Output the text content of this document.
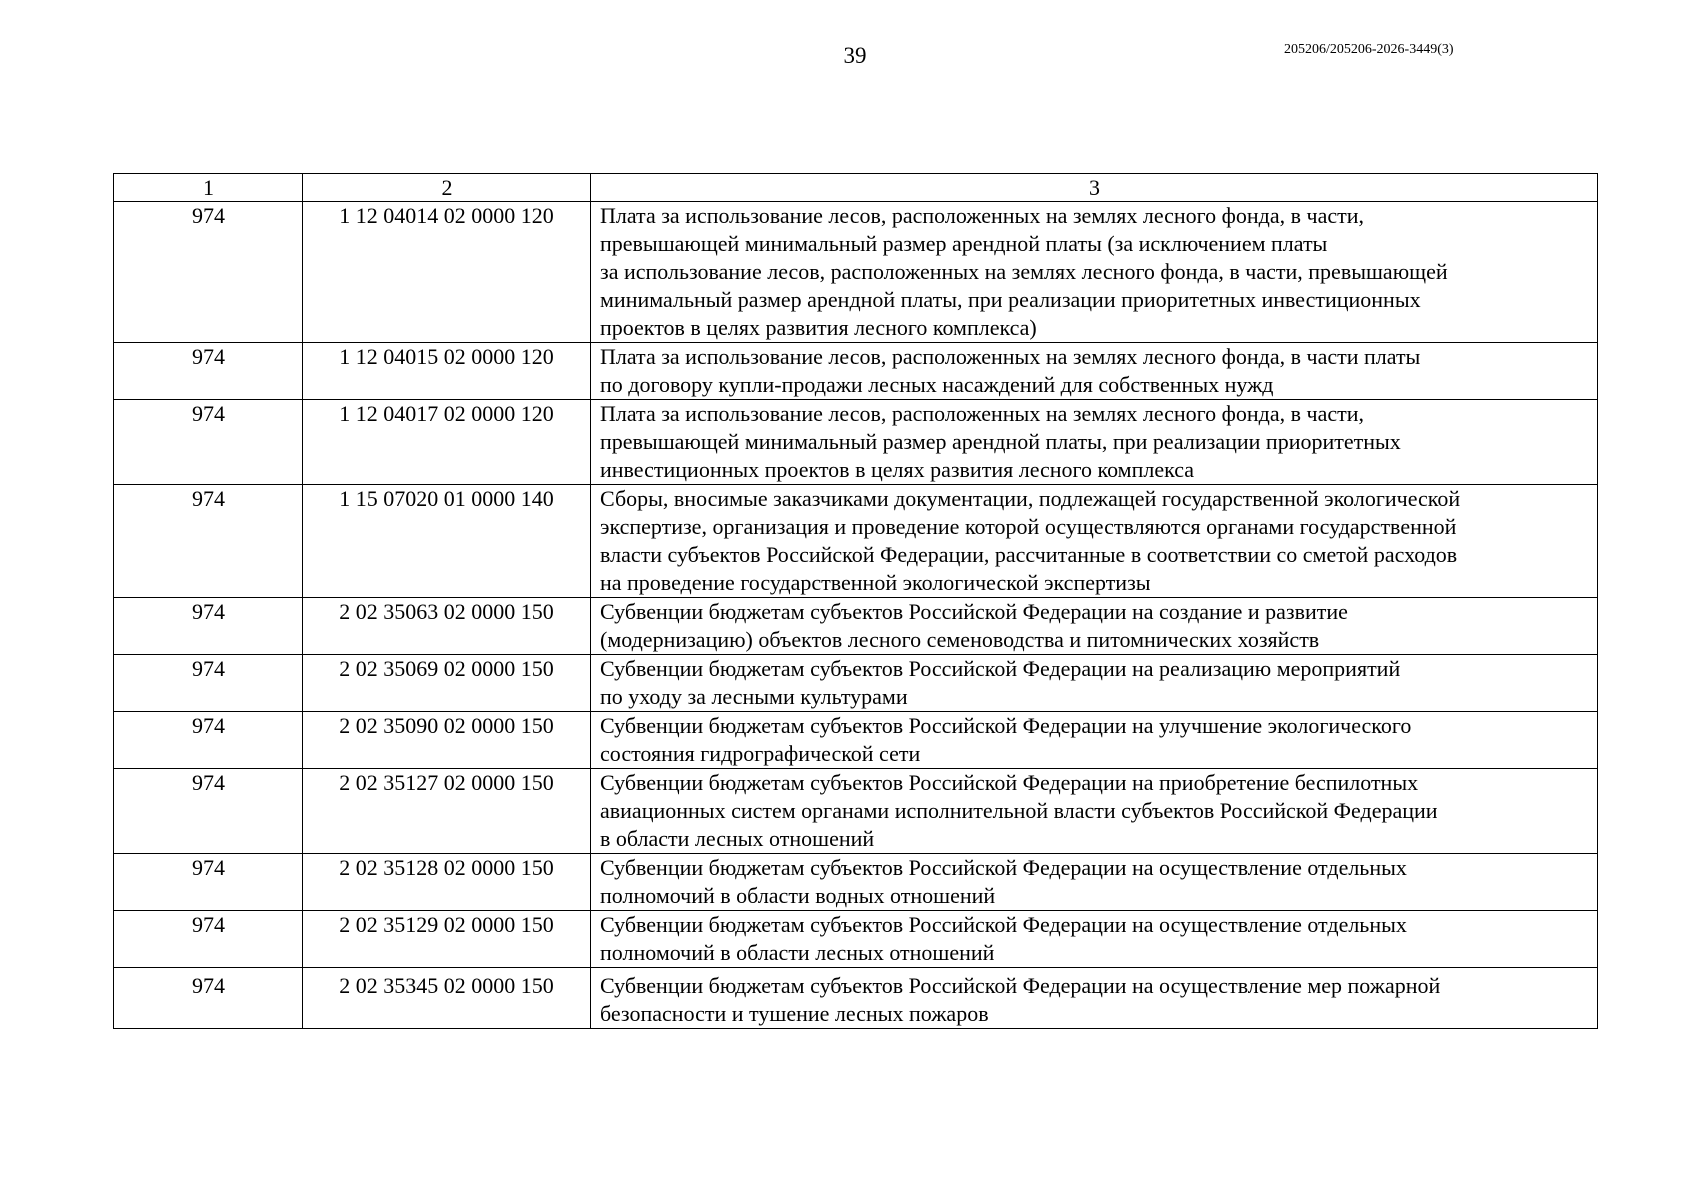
39	205206/205206-2026-3449(3)
1	2	3
974	1 12 04014 02 0000 120	Плата за использование лесов, расположенных на землях лесного фонда, в части,
превышающей минимальный размер арендной платы (за исключением платы
за использование лесов, расположенных на землях лесного фонда, в части, превышающей
минимальный размер арендной платы, при реализации приоритетных инвестиционных
проектов в целях развития лесного комплекса)

974	1 12 04015 02 0000 120	Плата за использование лесов, расположенных на землях лесного фонда, в части платы
по договору купли-продажи лесных насаждений для собственных нужд

974	1 12 04017 02 0000 120	Плата за использование лесов, расположенных на землях лесного фонда, в части,
превышающей минимальный размер арендной платы, при реализации приоритетных
инвестиционных проектов в целях развития лесного комплекса

974	1 15 07020 01 0000 140	Сборы, вносимые заказчиками документации, подлежащей государственной экологической
экспертизе, организация и проведение которой осуществляются органами государственной
власти субъектов Российской Федерации, рассчитанные в соответствии со сметой расходов
на проведение государственной экологической экспертизы

974	2 02 35063 02 0000 150	Субвенции бюджетам субъектов Российской Федерации на создание и развитие
(модернизацию) объектов лесного семеноводства и питомнических хозяйств

974	2 02 35069 02 0000 150	Субвенции бюджетам субъектов Российской Федерации на реализацию мероприятий
по уходу за лесными культурами

974	2 02 35090 02 0000 150	Субвенции бюджетам субъектов Российской Федерации на улучшение экологического
состояния гидрографической сети

974	2 02 35127 02 0000 150	Субвенции бюджетам субъектов Российской Федерации на приобретение беспилотных
авиационных систем органами исполнительной власти субъектов Российской Федерации
в области лесных отношений

974	2 02 35128 02 0000 150	Субвенции бюджетам субъектов Российской Федерации на осуществление отдельных
полномочий в области водных отношений

974	2 02 35129 02 0000 150	Субвенции бюджетам субъектов Российской Федерации на осуществление отдельных
полномочий в области лесных отношений

974	2 02 35345 02 0000 150	Субвенции бюджетам субъектов Российской Федерации на осуществление мер пожарной
безопасности и тушение лесных пожаров
